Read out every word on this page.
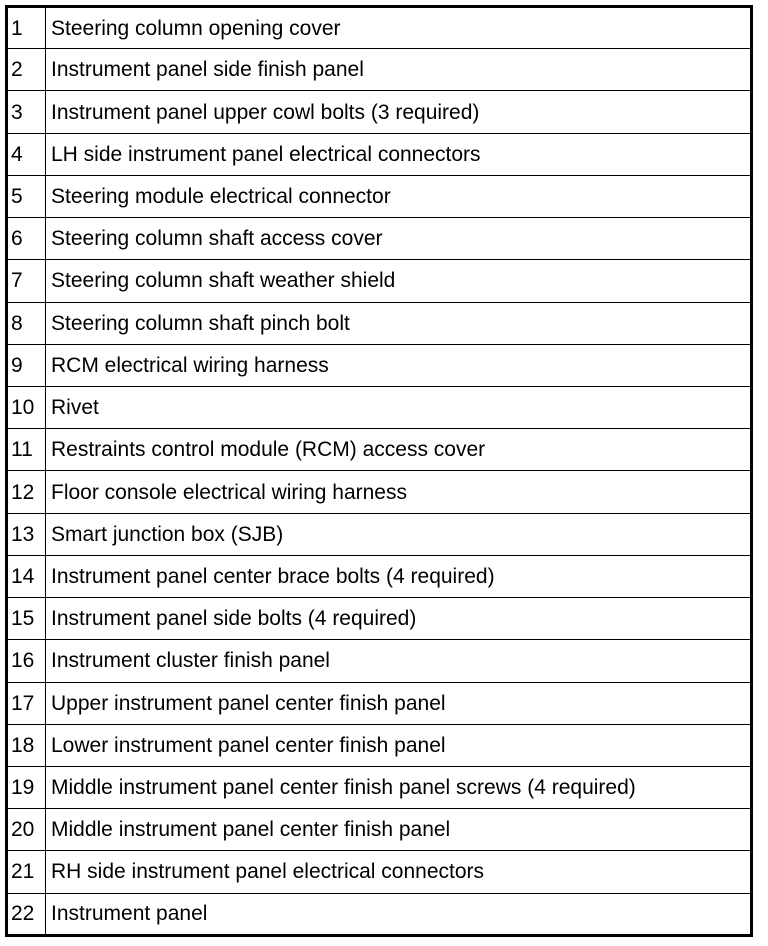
1	Steering column opening cover
2	Instrument panel side finish panel
3	Instrument panel upper cowl bolts (3 required)
4	LH side instrument panel electrical connectors
5	Steering module electrical connector
6	Steering column shaft access cover
7	Steering column shaft weather shield
8	Steering column shaft pinch bolt
9	RCM electrical wiring harness
10	Rivet
11	Restraints control module (RCM) access cover
12	Floor console electrical wiring harness
13	Smart junction box (SJB)
14	Instrument panel center brace bolts (4 required)
15	Instrument panel side bolts (4 required)
16	Instrument cluster finish panel
17	Upper instrument panel center finish panel
18	Lower instrument panel center finish panel
19	Middle instrument panel center finish panel screws (4 required)
20	Middle instrument panel center finish panel
21	RH side instrument panel electrical connectors
22	Instrument panel
